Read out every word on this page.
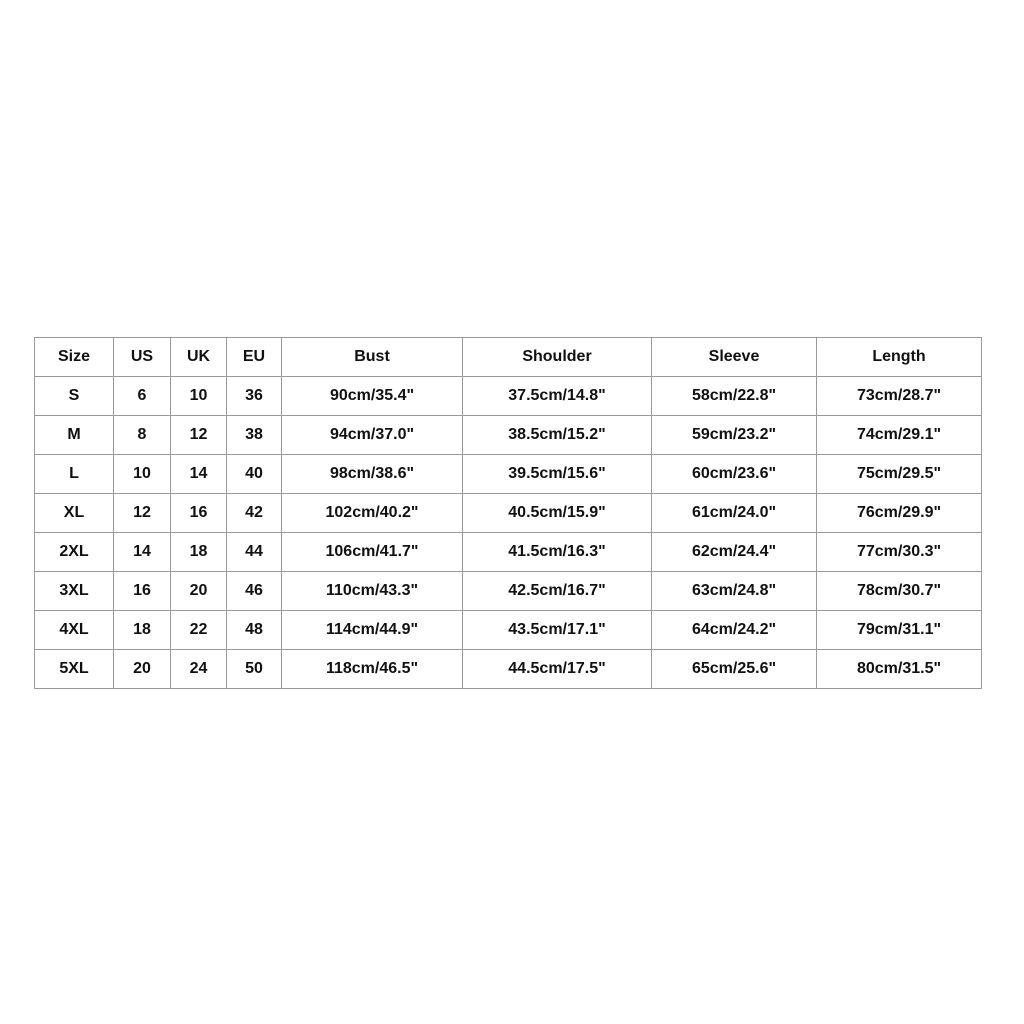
Size	US	UK	EU	Bust	Shoulder	Sleeve	Length
S	6	10	36	90cm/35.4"	37.5cm/14.8"	58cm/22.8"	73cm/28.7"
M	8	12	38	94cm/37.0"	38.5cm/15.2"	59cm/23.2"	74cm/29.1"
L	10	14	40	98cm/38.6"	39.5cm/15.6"	60cm/23.6"	75cm/29.5"
XL	12	16	42	102cm/40.2"	40.5cm/15.9"	61cm/24.0"	76cm/29.9"
2XL	14	18	44	106cm/41.7"	41.5cm/16.3"	62cm/24.4"	77cm/30.3"
3XL	16	20	46	110cm/43.3"	42.5cm/16.7"	63cm/24.8"	78cm/30.7"
4XL	18	22	48	114cm/44.9"	43.5cm/17.1"	64cm/24.2"	79cm/31.1"
5XL	20	24	50	118cm/46.5"	44.5cm/17.5"	65cm/25.6"	80cm/31.5"
